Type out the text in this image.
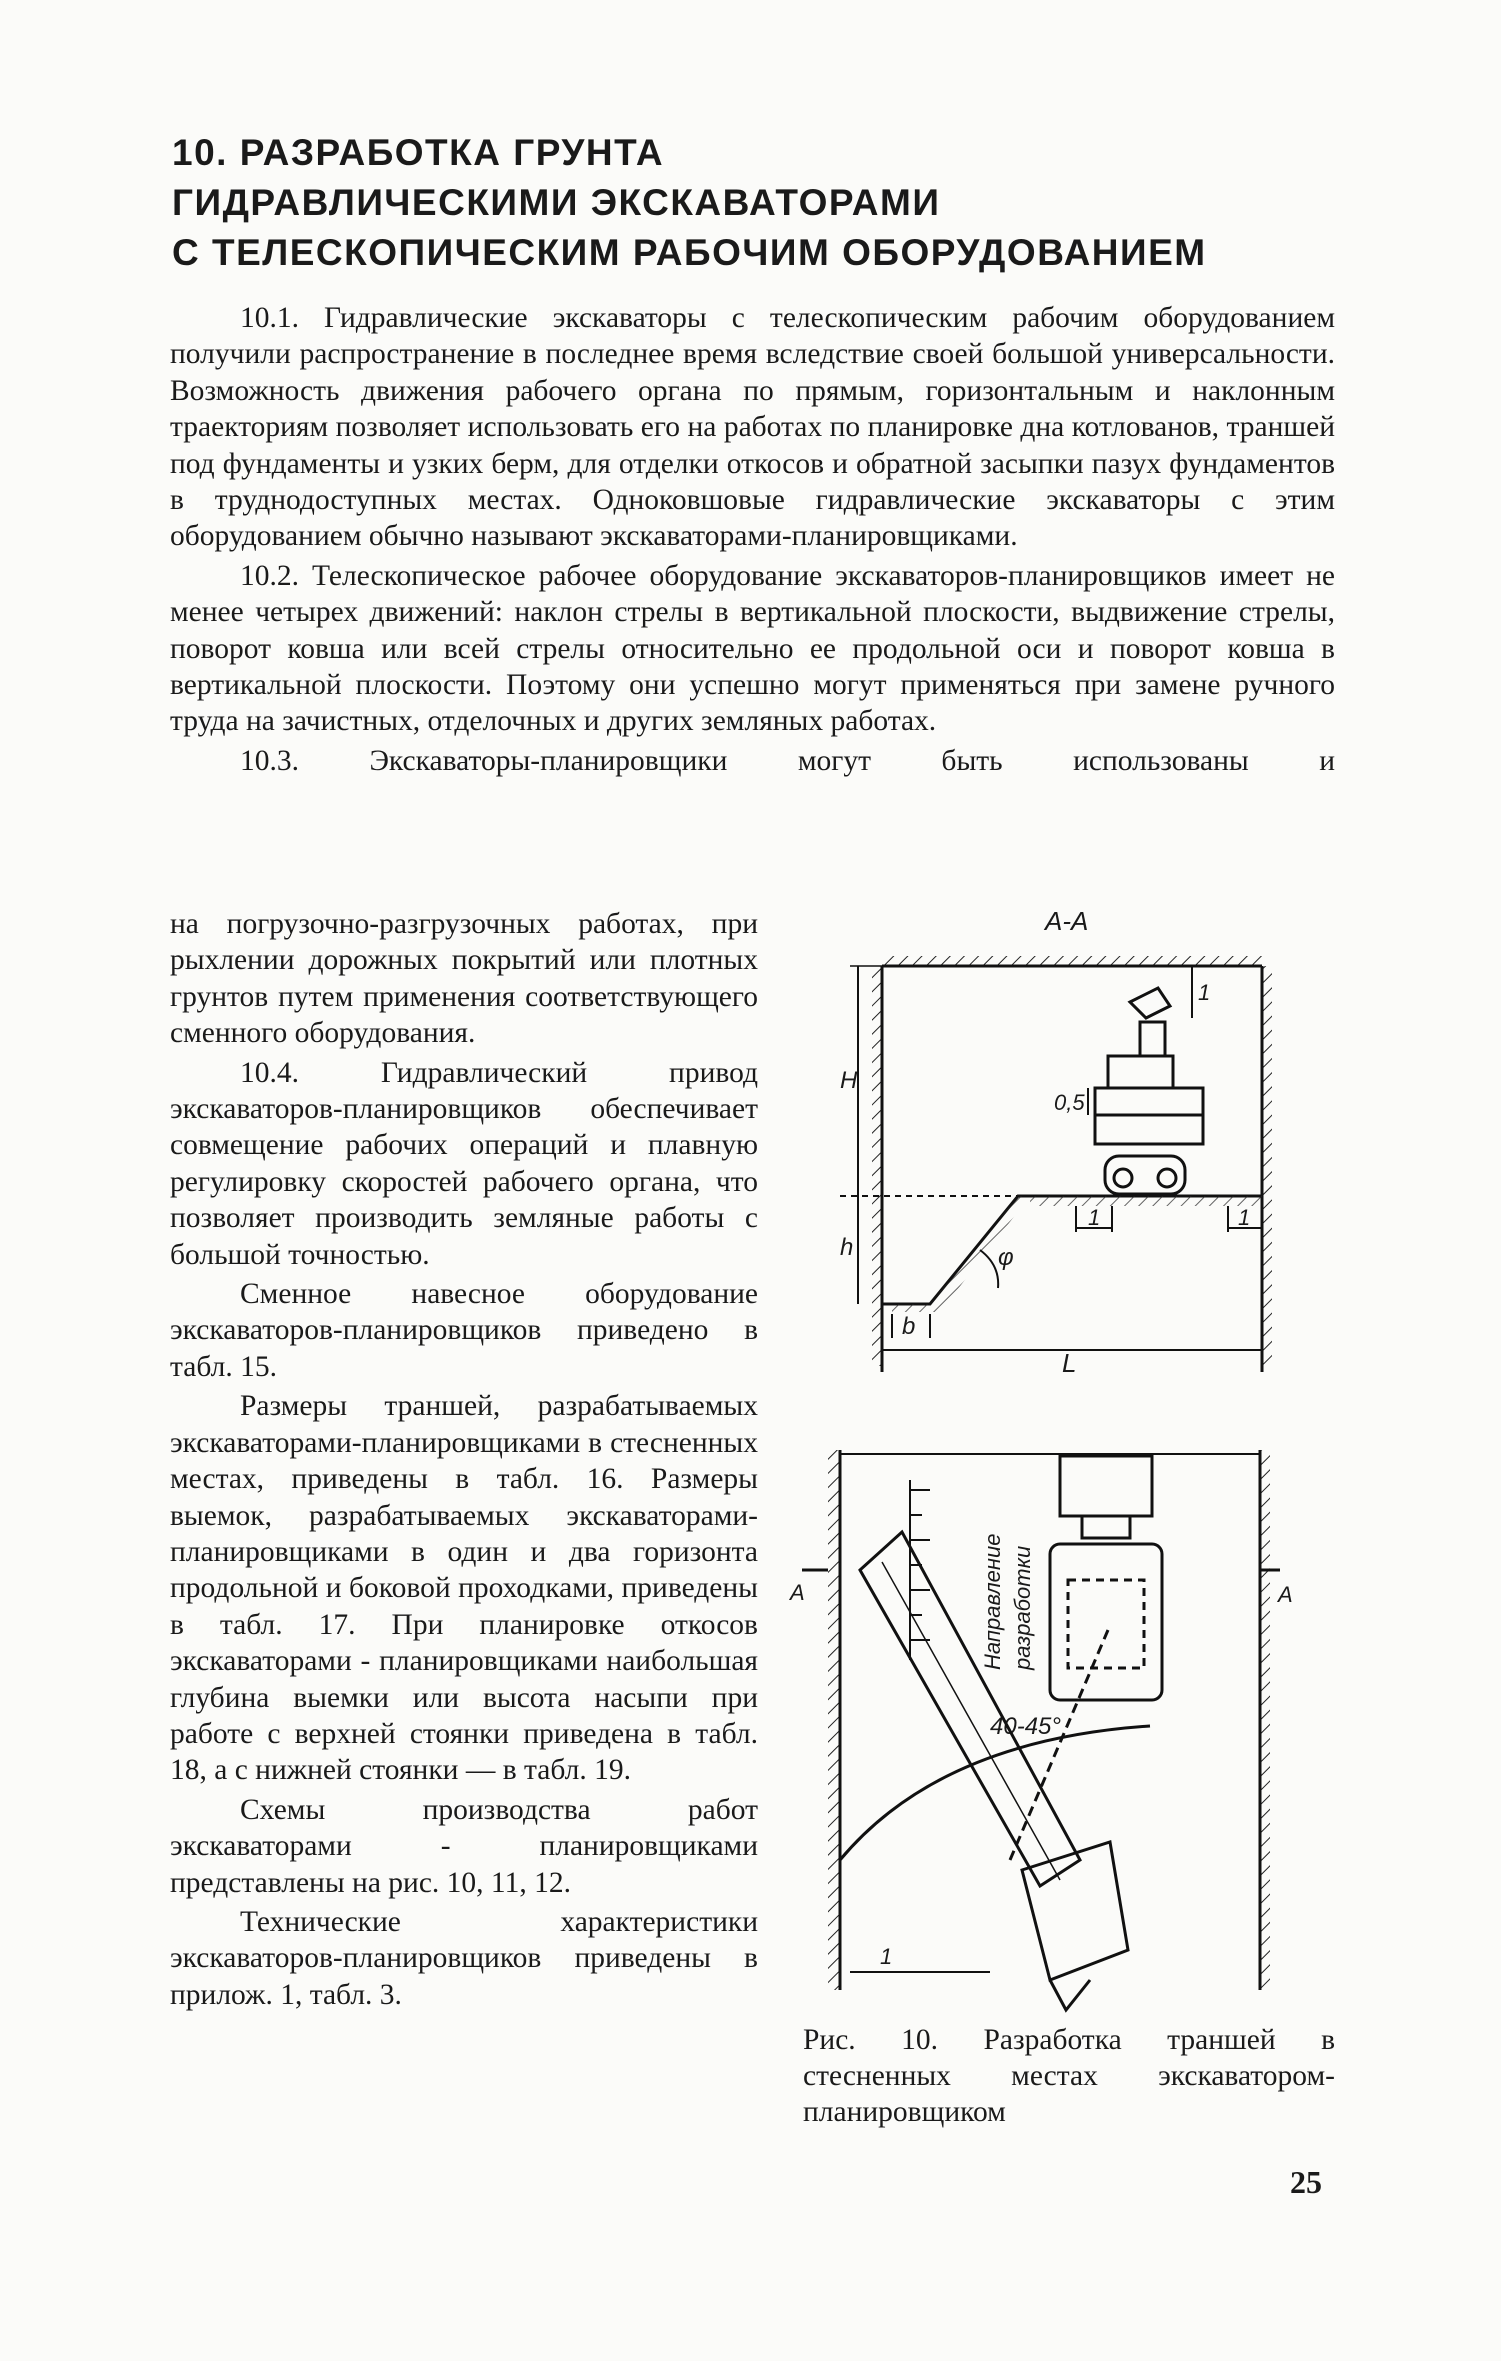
10. РАЗРАБОТКА ГРУНТА
ГИДРАВЛИЧЕСКИМИ ЭКСКАВАТОРАМИ
С ТЕЛЕСКОПИЧЕСКИМ РАБОЧИМ ОБОРУДОВАНИЕМ

10.1. Гидравлические экскаваторы с телескопическим рабочим оборудованием получили распространение в последнее время вследствие своей большой универсальности. Возможность движения рабочего органа по прямым, горизонтальным и наклонным траекториям позволяет использовать его на работах по планировке дна котлованов, траншей под фундаменты и узких берм, для отделки откосов и обратной засыпки пазух фундаментов в труднодоступных местах. Одноковшовые гидравлические экскаваторы с этим оборудованием обычно называют экскаваторами-планировщиками.

10.2. Телескопическое рабочее оборудование экскаваторов-планировщиков имеет не менее четырех движений: наклон стрелы в вертикальной плоскости, выдвижение стрелы, поворот ковша или всей стрелы относительно ее продольной оси и поворот ковша в вертикальной плоскости. Поэтому они успешно могут применяться при замене ручного труда на зачистных, отделочных и других земляных работах.

10.3. Экскаваторы-планировщики могут быть использованы и

на погрузочно-разгрузочных работах, при рыхлении дорожных покрытий или плотных грунтов путем применения соответствующего сменного оборудования.

10.4. Гидравлический привод экскаваторов-планировщиков обеспечивает совмещение рабочих операций и плавную регулировку скоростей рабочего органа, что позволяет производить земляные работы с большой точностью.

Сменное навесное оборудование экскаваторов-планировщиков приведено в табл. 15.

Размеры траншей, разрабатываемых экскаваторами-планировщиками в стесненных местах, приведены в табл. 16. Размеры выемок, разрабатываемых экскаваторами-планировщиками в один и два горизонта продольной и боковой проходками, приведены в табл. 17. При планировке откосов экскаваторами - планировщиками наибольшая глубина выемки или высота насыпи при работе с верхней стоянки приведена в табл. 18, а с нижней стоянки — в табл. 19.

Схемы производства работ экскаваторами - планировщиками представлены на рис. 10, 11, 12.

Технические характеристики экскаваторов-планировщиков приведены в прилож. 1, табл. 3.

А-А
H
h
0,5
1
1	1
φ
b
L
А	А
Направление разработки
40-45°
1
Рис. 10. Разработка траншей в стесненных местах экскаватором-планировщиком
25
